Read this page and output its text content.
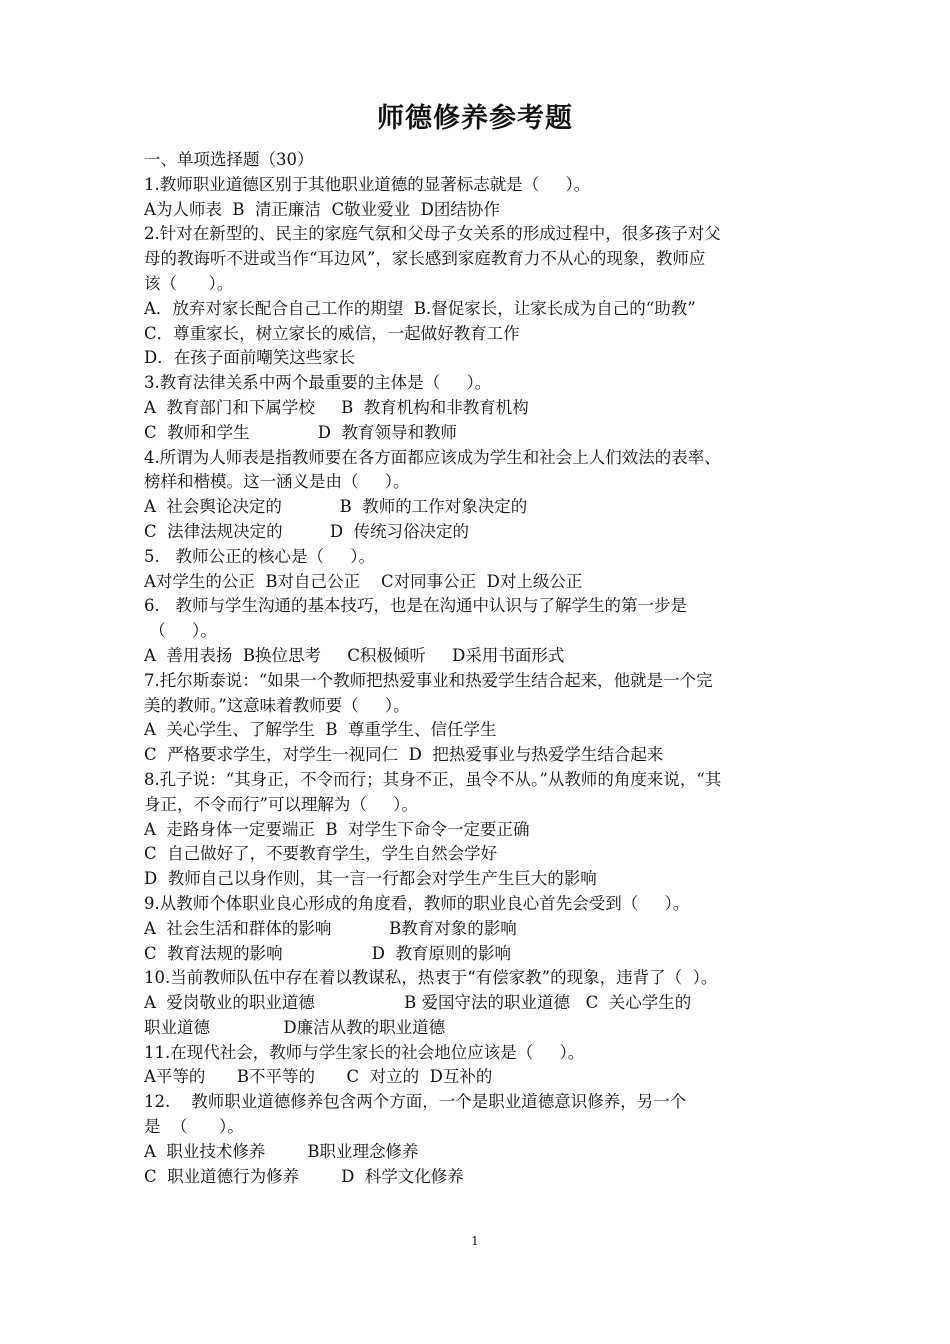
师德修养参考题
一、单项选择题（30）
1.教师职业道德区别于其他职业道德的显著标志就是（     ）。
A为人师表  B  清正廉洁  C敬业爱业  D团结协作
2.针对在新型的、民主的家庭气氛和父母子女关系的形成过程中，很多孩子对父
母的教诲听不进或当作“耳边风”，家长感到家庭教育力不从心的现象，教师应
该（      ）。
A．放弃对家长配合自己工作的期望  B.督促家长，让家长成为自己的“助教”
C．尊重家长，树立家长的威信，一起做好教育工作
D．在孩子面前嘲笑这些家长
3.教育法律关系中两个最重要的主体是（     ）。
A  教育部门和下属学校     B  教育机构和非教育机构
C  教师和学生             D  教育领导和教师
4.所谓为人师表是指教师要在各方面都应该成为学生和社会上人们效法的表率、
榜样和楷模。这一涵义是由（     ）。
A  社会舆论决定的           B  教师的工作对象决定的
C  法律法规决定的         D  传统习俗决定的
5.   教师公正的核心是（     ）。
A对学生的公正  B对自己公正    C对同事公正  D对上级公正
6.   教师与学生沟通的基本技巧，也是在沟通中认识与了解学生的第一步是
（     ）。
A  善用表扬  B换位思考     C积极倾听     D采用书面形式
7.托尔斯泰说：“如果一个教师把热爱事业和热爱学生结合起来，他就是一个完
美的教师。”这意味着教师要（     ）。
A  关心学生、了解学生  B  尊重学生、信任学生
C  严格要求学生，对学生一视同仁  D  把热爱事业与热爱学生结合起来
8.孔子说：“其身正，不令而行；其身不正，虽令不从。”从教师的角度来说，“其
身正，不令而行”可以理解为（     ）。
A  走路身体一定要端正  B  对学生下命令一定要正确
C  自己做好了，不要教育学生，学生自然会学好
D  教师自己以身作则，其一言一行都会对学生产生巨大的影响
9.从教师个体职业良心形成的角度看，教师的职业良心首先会受到（     ）。
A  社会生活和群体的影响           B教育对象的影响
C  教育法规的影响                 D  教育原则的影响
10.当前教师队伍中存在着以教谋私，热衷于“有偿家教”的现象，违背了（  ）。
A  爱岗敬业的职业道德                 B 爱国守法的职业道德   C  关心学生的
职业道德              D廉洁从教的职业道德
11.在现代社会，教师与学生家长的社会地位应该是（     ）。
A平等的      B不平等的      C  对立的  D互补的
12.    教师职业道德修养包含两个方面，一个是职业道德意识修养，另一个
是  （      ）。
A  职业技术修养        B职业理念修养
C  职业道德行为修养        D  科学文化修养
1
